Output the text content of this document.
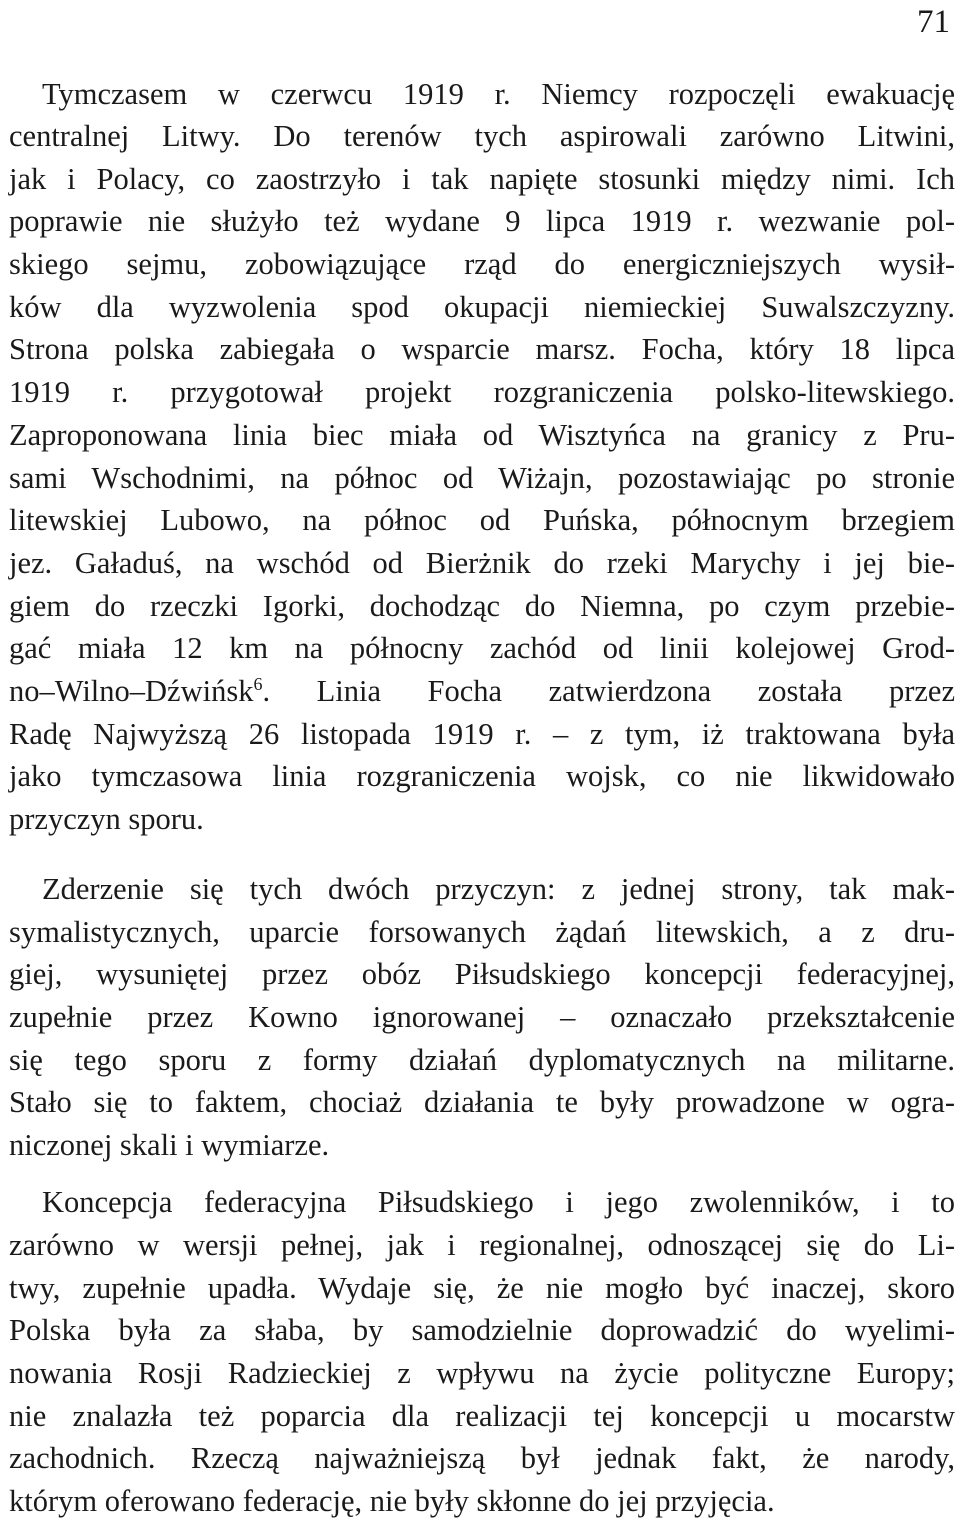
71
Tymczasem w czerwcu 1919 r. Niemcy rozpoczęli ewakuację
centralnej Litwy. Do terenów tych aspirowali zarówno Litwini,
jak i Polacy, co zaostrzyło i tak napięte stosunki między nimi. Ich
poprawie nie służyło też wydane 9 lipca 1919 r. wezwanie pol-
skiego sejmu, zobowiązujące rząd do energiczniejszych wysił-
ków dla wyzwolenia spod okupacji niemieckiej Suwalszczyzny.
Strona polska zabiegała o wsparcie marsz. Focha, który 18 lipca
1919 r. przygotował projekt rozgraniczenia polsko-litewskiego.
Zaproponowana linia biec miała od Wisztyńca na granicy z Pru-
sami Wschodnimi, na północ od Wiżajn, pozostawiając po stronie
litewskiej Lubowo, na północ od Puńska, północnym brzegiem
jez. Gaładuś, na wschód od Bierżnik do rzeki Marychy i jej bie-
giem do rzeczki Igorki, dochodząc do Niemna, po czym przebie-
gać miała 12 km na północny zachód od linii kolejowej Grod-
no–Wilno–Dźwińsk$^6$. Linia Focha zatwierdzona została przez
Radę Najwyższą 26 listopada 1919 r. – z tym, iż traktowana była
jako tymczasowa linia rozgraniczenia wojsk, co nie likwidowało
przyczyn sporu.
Zderzenie się tych dwóch przyczyn: z jednej strony, tak mak-
symalistycznych, uparcie forsowanych żądań litewskich, a z dru-
giej, wysuniętej przez obóz Piłsudskiego koncepcji federacyjnej,
zupełnie przez Kowno ignorowanej – oznaczało przekształcenie
się tego sporu z formy działań dyplomatycznych na militarne.
Stało się to faktem, chociaż działania te były prowadzone w ogra-
niczonej skali i wymiarze.
Koncepcja federacyjna Piłsudskiego i jego zwolenników, i to
zarówno w wersji pełnej, jak i regionalnej, odnoszącej się do Li-
twy, zupełnie upadła. Wydaje się, że nie mogło być inaczej, skoro
Polska była za słaba, by samodzielnie doprowadzić do wyelimi-
nowania Rosji Radzieckiej z wpływu na życie polityczne Europy;
nie znalazła też poparcia dla realizacji tej koncepcji u mocarstw
zachodnich. Rzeczą najważniejszą był jednak fakt, że narody,
którym oferowano federację, nie były skłonne do jej przyjęcia.
